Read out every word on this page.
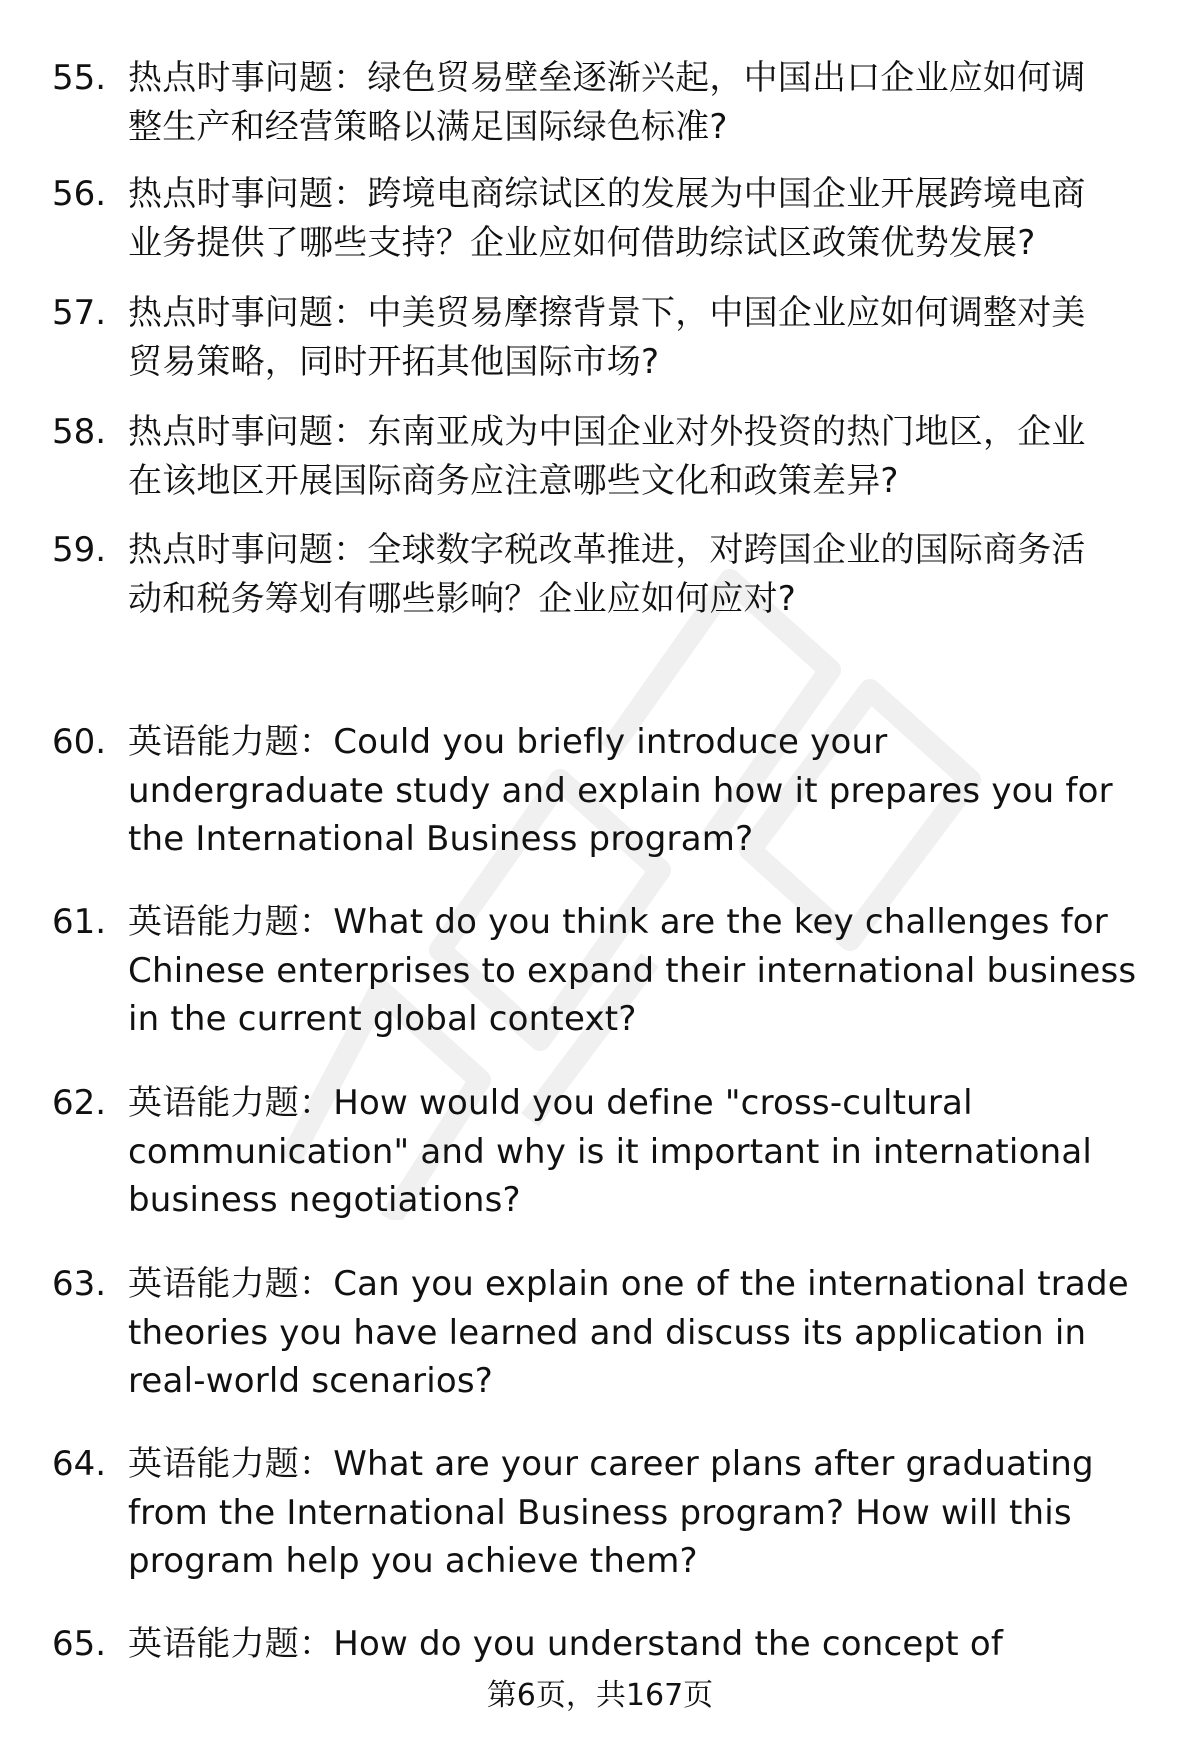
55. 热点时事问题：绿色贸易壁垒逐渐兴起，中国出口企业应如何调
整生产和经营策略以满足国际绿色标准?
56. 热点时事问题：跨境电商综试区的发展为中国企业开展跨境电商
业务提供了哪些支持？企业应如何借助综试区政策优势发展?
57. 热点时事问题：中美贸易摩擦背景下，中国企业应如何调整对美
贸易策略，同时开拓其他国际市场?
58. 热点时事问题：东南亚成为中国企业对外投资的热门地区，企业
在该地区开展国际商务应注意哪些文化和政策差异?
59. 热点时事问题：全球数字税改革推进，对跨国企业的国际商务活
动和税务筹划有哪些影响？企业应如何应对?
60. 英语能力题：Could you briefly introduce your
undergraduate study and explain how it prepares you for
the International Business program?
61. 英语能力题：What do you think are the key challenges for
Chinese enterprises to expand their international business
in the current global context?
62. 英语能力题：How would you define "cross-cultural
communication" and why is it important in international
business negotiations?
63. 英语能力题：Can you explain one of the international trade
theories you have learned and discuss its application in
real-world scenarios?
64. 英语能力题：What are your career plans after graduating
from the International Business program? How will this
program help you achieve them?
65. 英语能力题：How do you understand the concept of
第6页，共167页
